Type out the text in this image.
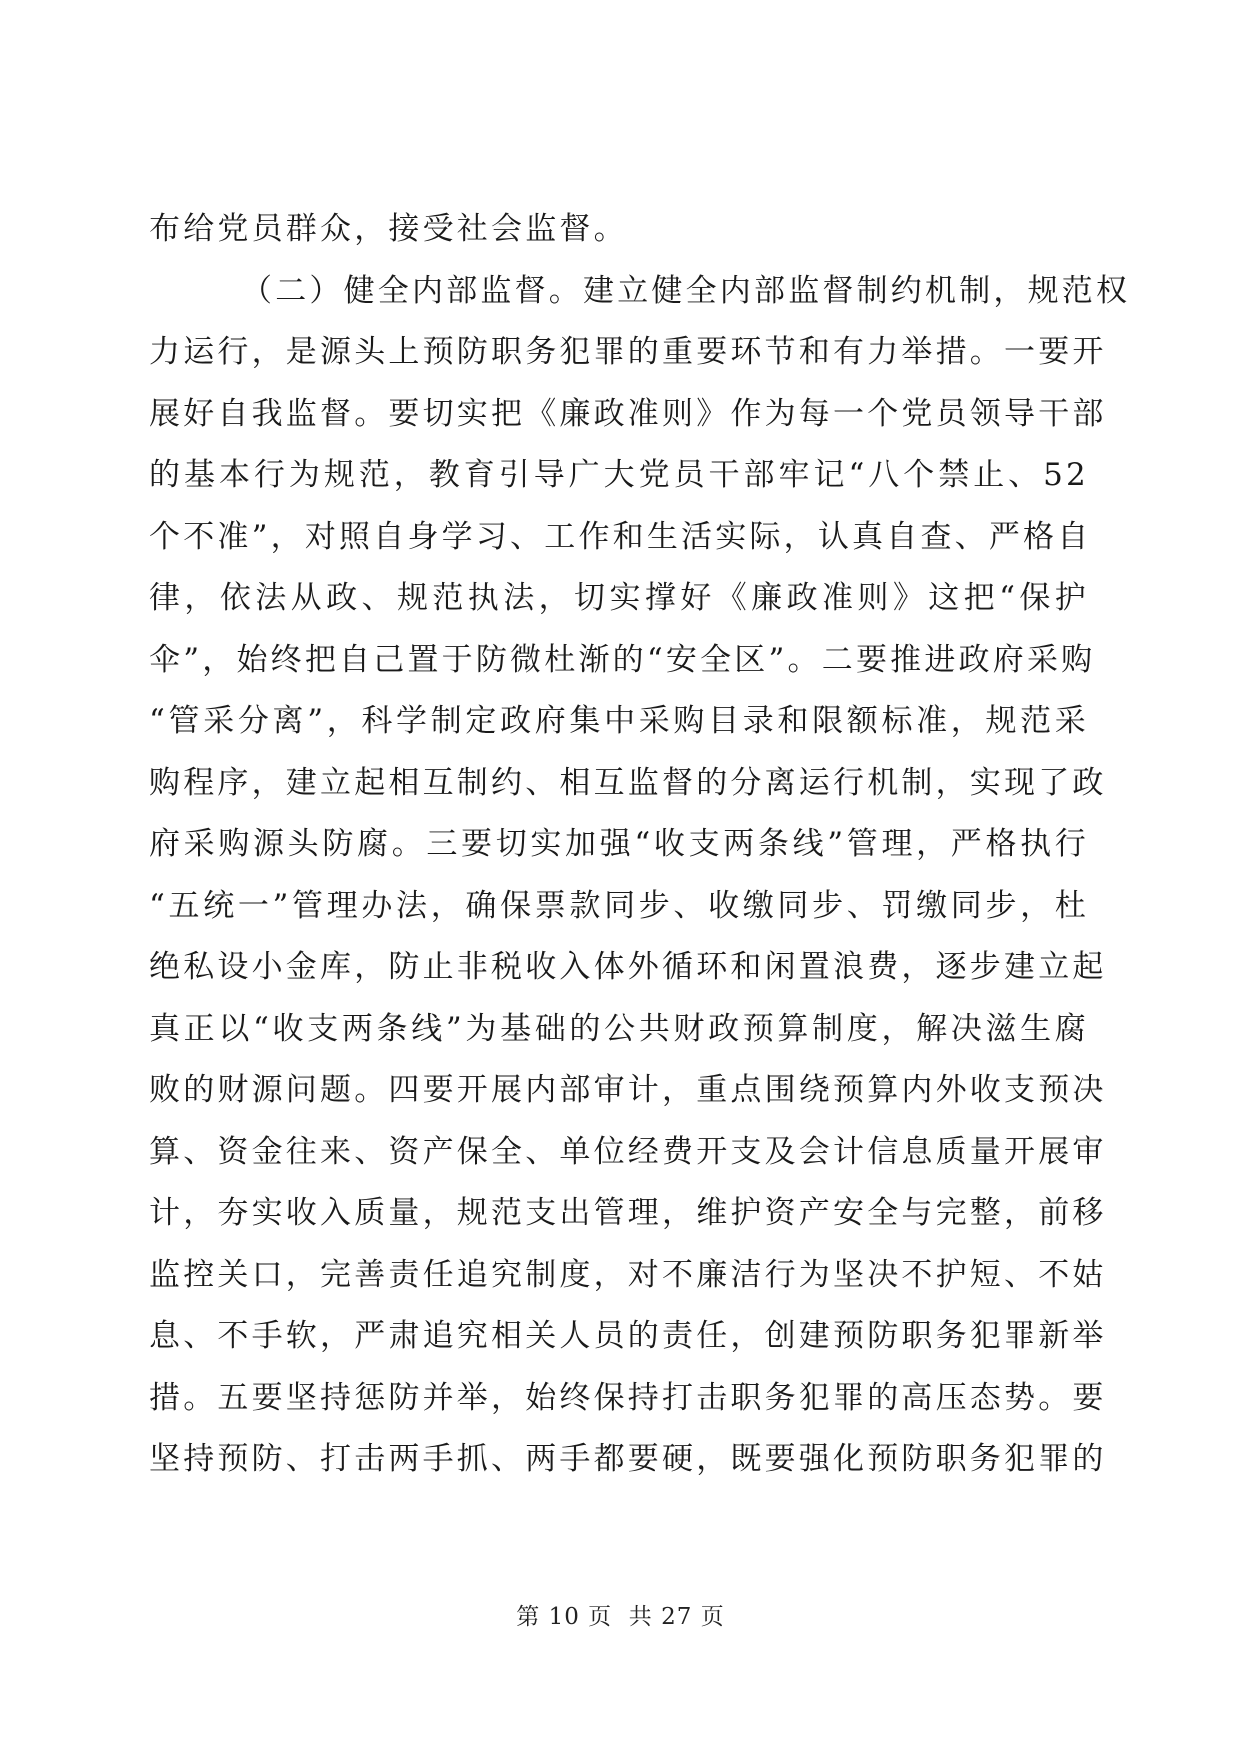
布给党员群众，接受社会监督。
（二）健全内部监督。建立健全内部监督制约机制，规范权
力运行，是源头上预防职务犯罪的重要环节和有力举措。一要开
展好自我监督。要切实把《廉政准则》作为每一个党员领导干部
的基本行为规范，教育引导广大党员干部牢记“八个禁止、52
个不准”，对照自身学习、工作和生活实际，认真自查、严格自
律，依法从政、规范执法，切实撑好《廉政准则》这把“保护
伞”，始终把自己置于防微杜渐的“安全区”。二要推进政府采购
“管采分离”，科学制定政府集中采购目录和限额标准，规范采
购程序，建立起相互制约、相互监督的分离运行机制，实现了政
府采购源头防腐。三要切实加强“收支两条线”管理，严格执行
“五统一”管理办法，确保票款同步、收缴同步、罚缴同步，杜
绝私设小金库，防止非税收入体外循环和闲置浪费，逐步建立起
真正以“收支两条线”为基础的公共财政预算制度，解决滋生腐
败的财源问题。四要开展内部审计，重点围绕预算内外收支预决
算、资金往来、资产保全、单位经费开支及会计信息质量开展审
计，夯实收入质量，规范支出管理，维护资产安全与完整，前移
监控关口，完善责任追究制度，对不廉洁行为坚决不护短、不姑
息、不手软，严肃追究相关人员的责任，创建预防职务犯罪新举
措。五要坚持惩防并举，始终保持打击职务犯罪的高压态势。要
坚持预防、打击两手抓、两手都要硬，既要强化预防职务犯罪的
第 10 页  共 27 页
